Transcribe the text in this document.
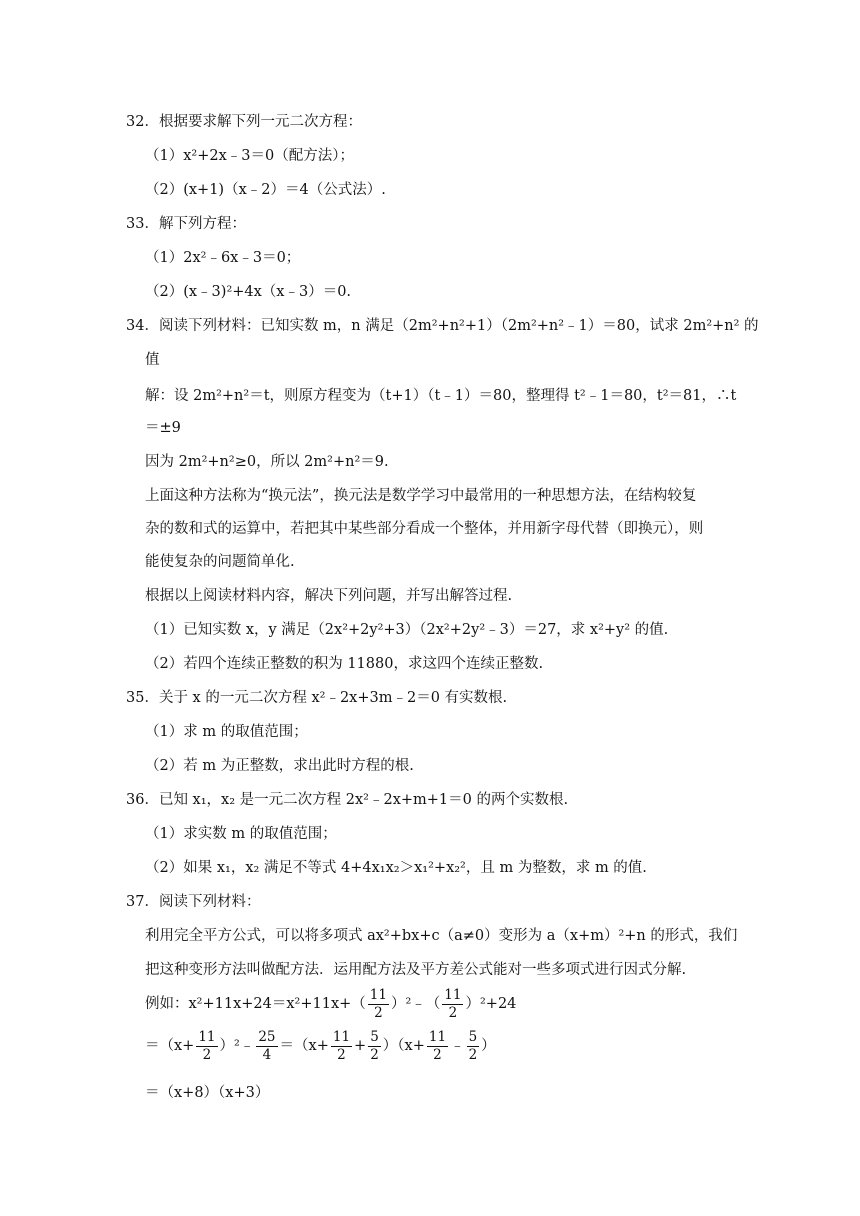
32．根据要求解下列一元二次方程：
（1）x²+2x﹣3＝0（配方法）；
（2）(x+1)（x﹣2）＝4（公式法）.
33．解下列方程：
（1）2x²﹣6x﹣3＝0；
（2）(x﹣3)²+4x（x﹣3）＝0.
34．阅读下列材料：已知实数 m，n 满足（2m²+n²+1）（2m²+n²﹣1）＝80，试求 2m²+n² 的
值
解：设 2m²+n²＝t，则原方程变为（t+1）（t﹣1）＝80，整理得 t²﹣1＝80，t²＝81，∴t
＝±9
因为 2m²+n²≥0，所以 2m²+n²＝9.
上面这种方法称为“换元法”，换元法是数学学习中最常用的一种思想方法，在结构较复
杂的数和式的运算中，若把其中某些部分看成一个整体，并用新字母代替（即换元），则
能使复杂的问题简单化.
根据以上阅读材料内容，解决下列问题，并写出解答过程.
（1）已知实数 x，y 满足（2x²+2y²+3）（2x²+2y²﹣3）＝27，求 x²+y² 的值.
（2）若四个连续正整数的积为 11880，求这四个连续正整数.
35．关于 x 的一元二次方程 x²﹣2x+3m﹣2＝0 有实数根.
（1）求 m 的取值范围；
（2）若 m 为正整数，求出此时方程的根.
36．已知 x₁，x₂ 是一元二次方程 2x²﹣2x+m+1＝0 的两个实数根.
（1）求实数 m 的取值范围；
（2）如果 x₁，x₂ 满足不等式 4+4x₁x₂＞x₁²+x₂²，且 m 为整数，求 m 的值.
37．阅读下列材料：
利用完全平方公式，可以将多项式 ax²+bx+c（a≠0）变形为 a（x+m）²+n 的形式，我们
把这种变形方法叫做配方法．运用配方法及平方差公式能对一些多项式进行因式分解.
例如：$x^2+11x+24=x^2+11x+( \frac{11}{2}$ ）²﹣（ $\frac{11}{2} )^2+24$
$=(x+ \frac{11}{2}$ ）²﹣ $\frac{25}{4} =(x+ \frac{11}{2} + \frac{5}{2} )(x+ \frac{11}{2}$ ﹣ $\frac{5}{2}$ ）
＝（x+8）（x+3）
